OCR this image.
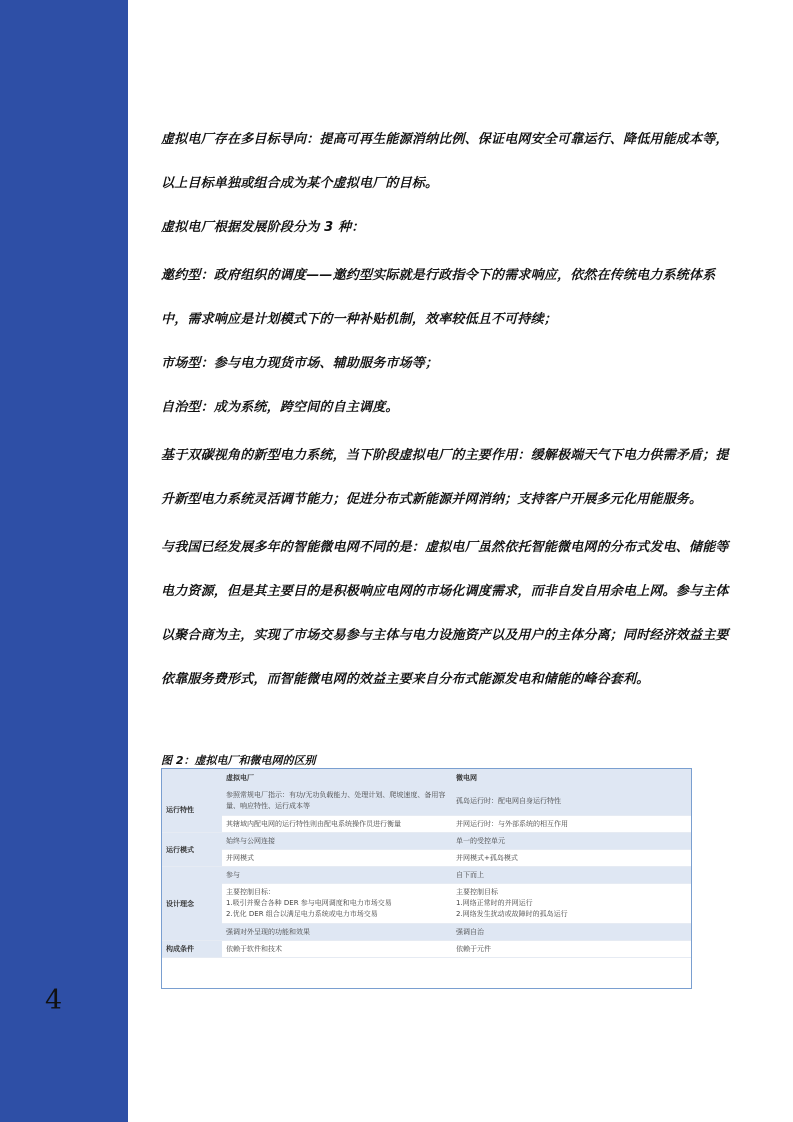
4

虚拟电厂存在多目标导向：提高可再生能源消纳比例、保证电网安全可靠运行、降低用能成本等，以上目标单独或组合成为某个虚拟电厂的目标。

虚拟电厂根据发展阶段分为 3 种：

邀约型：政府组织的调度——邀约型实际就是行政指令下的需求响应，依然在传统电力系统体系中，需求响应是计划模式下的一种补贴机制，效率较低且不可持续；

市场型：参与电力现货市场、辅助服务市场等；

自治型：成为系统，跨空间的自主调度。

基于双碳视角的新型电力系统，当下阶段虚拟电厂的主要作用：缓解极端天气下电力供需矛盾；提升新型电力系统灵活调节能力；促进分布式新能源并网消纳；支持客户开展多元化用能服务。

与我国已经发展多年的智能微电网不同的是：虚拟电厂虽然依托智能微电网的分布式发电、储能等电力资源，但是其主要目的是积极响应电网的市场化调度需求，而非自发自用余电上网。参与主体以聚合商为主，实现了市场交易参与主体与电力设施资产以及用户的主体分离；同时经济效益主要依靠服务费形式，而智能微电网的效益主要来自分布式能源发电和储能的峰谷套利。

图 2：虚拟电厂和微电网的区别
	虚拟电厂	微电网
运行特性	参照常规电厂指示：有功/无功负载能力、处理计划、爬坡速度、备用容量、响应特性、运行成本等	孤岛运行时：配电网自身运行特性
	其辖域内配电网的运行特性则由配电系统操作员进行衡量	并网运行时：与外部系统的相互作用
运行模式	始终与公网连接	单一的受控单元
	并网模式	并网模式+孤岛模式
设计理念	参与	自下而上
	主要控制目标：
1.吸引并聚合各种 DER 参与电网调度和电力市场交易
2.优化 DER 组合以满足电力系统或电力市场交易	主要控制目标
1.网络正常时的并网运行
2.网络发生扰动或故障时的孤岛运行
	强调对外呈现的功能和效果	强调自治
构成条件	依赖于软件和技术	依赖于元件
